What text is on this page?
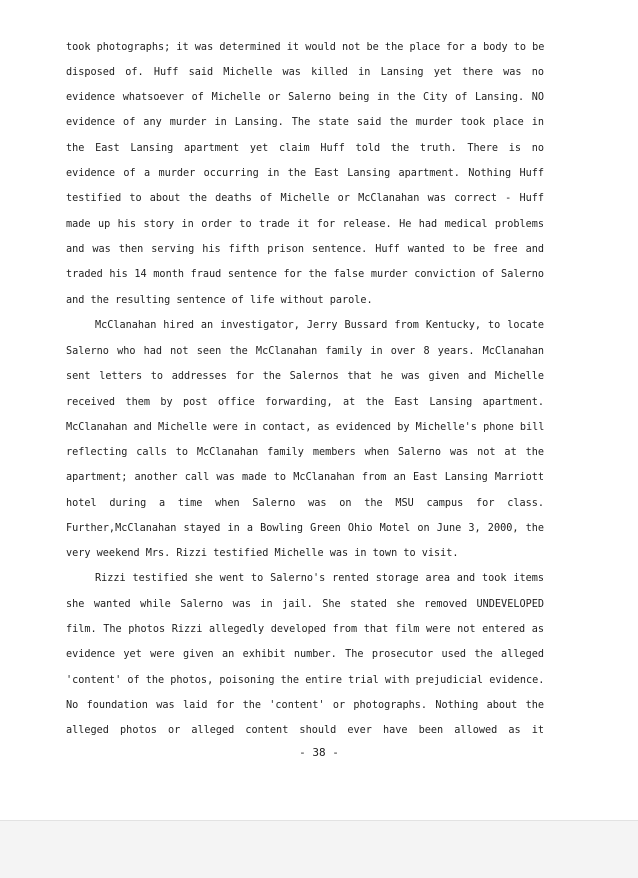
took photographs; it was determined it would not be the place for a body to be
disposed of. Huff said Michelle was killed in Lansing yet there was no
evidence whatsoever of Michelle or Salerno being in the City of Lansing. NO
evidence of any murder in Lansing. The state said the murder took place in
the East Lansing apartment yet claim Huff told the truth. There is no
evidence of a murder occurring in the East Lansing apartment. Nothing Huff
testified to about the deaths of Michelle or McClanahan was correct - Huff
made up his story in order to trade it for release. He had medical problems
and was then serving his fifth prison sentence. Huff wanted to be free and
traded his 14 month fraud sentence for the false murder conviction of Salerno
and the resulting sentence of life without parole.
McClanahan hired an investigator, Jerry Bussard from Kentucky, to locate
Salerno who had not seen the McClanahan family in over 8 years. McClanahan
sent letters to addresses for the Salernos that he was given and Michelle
received them by post office forwarding, at the East Lansing apartment.
McClanahan and Michelle were in contact, as evidenced by Michelle's phone bill
reflecting calls to McClanahan family members when Salerno was not at the
apartment; another call was made to McClanahan from an East Lansing Marriott
hotel during a time when Salerno was on the MSU campus for class.
Further,McClanahan stayed in a Bowling Green Ohio Motel on June 3, 2000, the
very weekend Mrs. Rizzi testified Michelle was in town to visit.
Rizzi testified she went to Salerno's rented storage area and took items
she wanted while Salerno was in jail. She stated she removed UNDEVELOPED
film. The photos Rizzi allegedly developed from that film were not entered as
evidence yet were given an exhibit number. The prosecutor used the alleged
'content' of the photos, poisoning the entire trial with prejudicial evidence.
No foundation was laid for the 'content' or photographs. Nothing about the
alleged photos or alleged content should ever have been allowed as it
- 38 -
